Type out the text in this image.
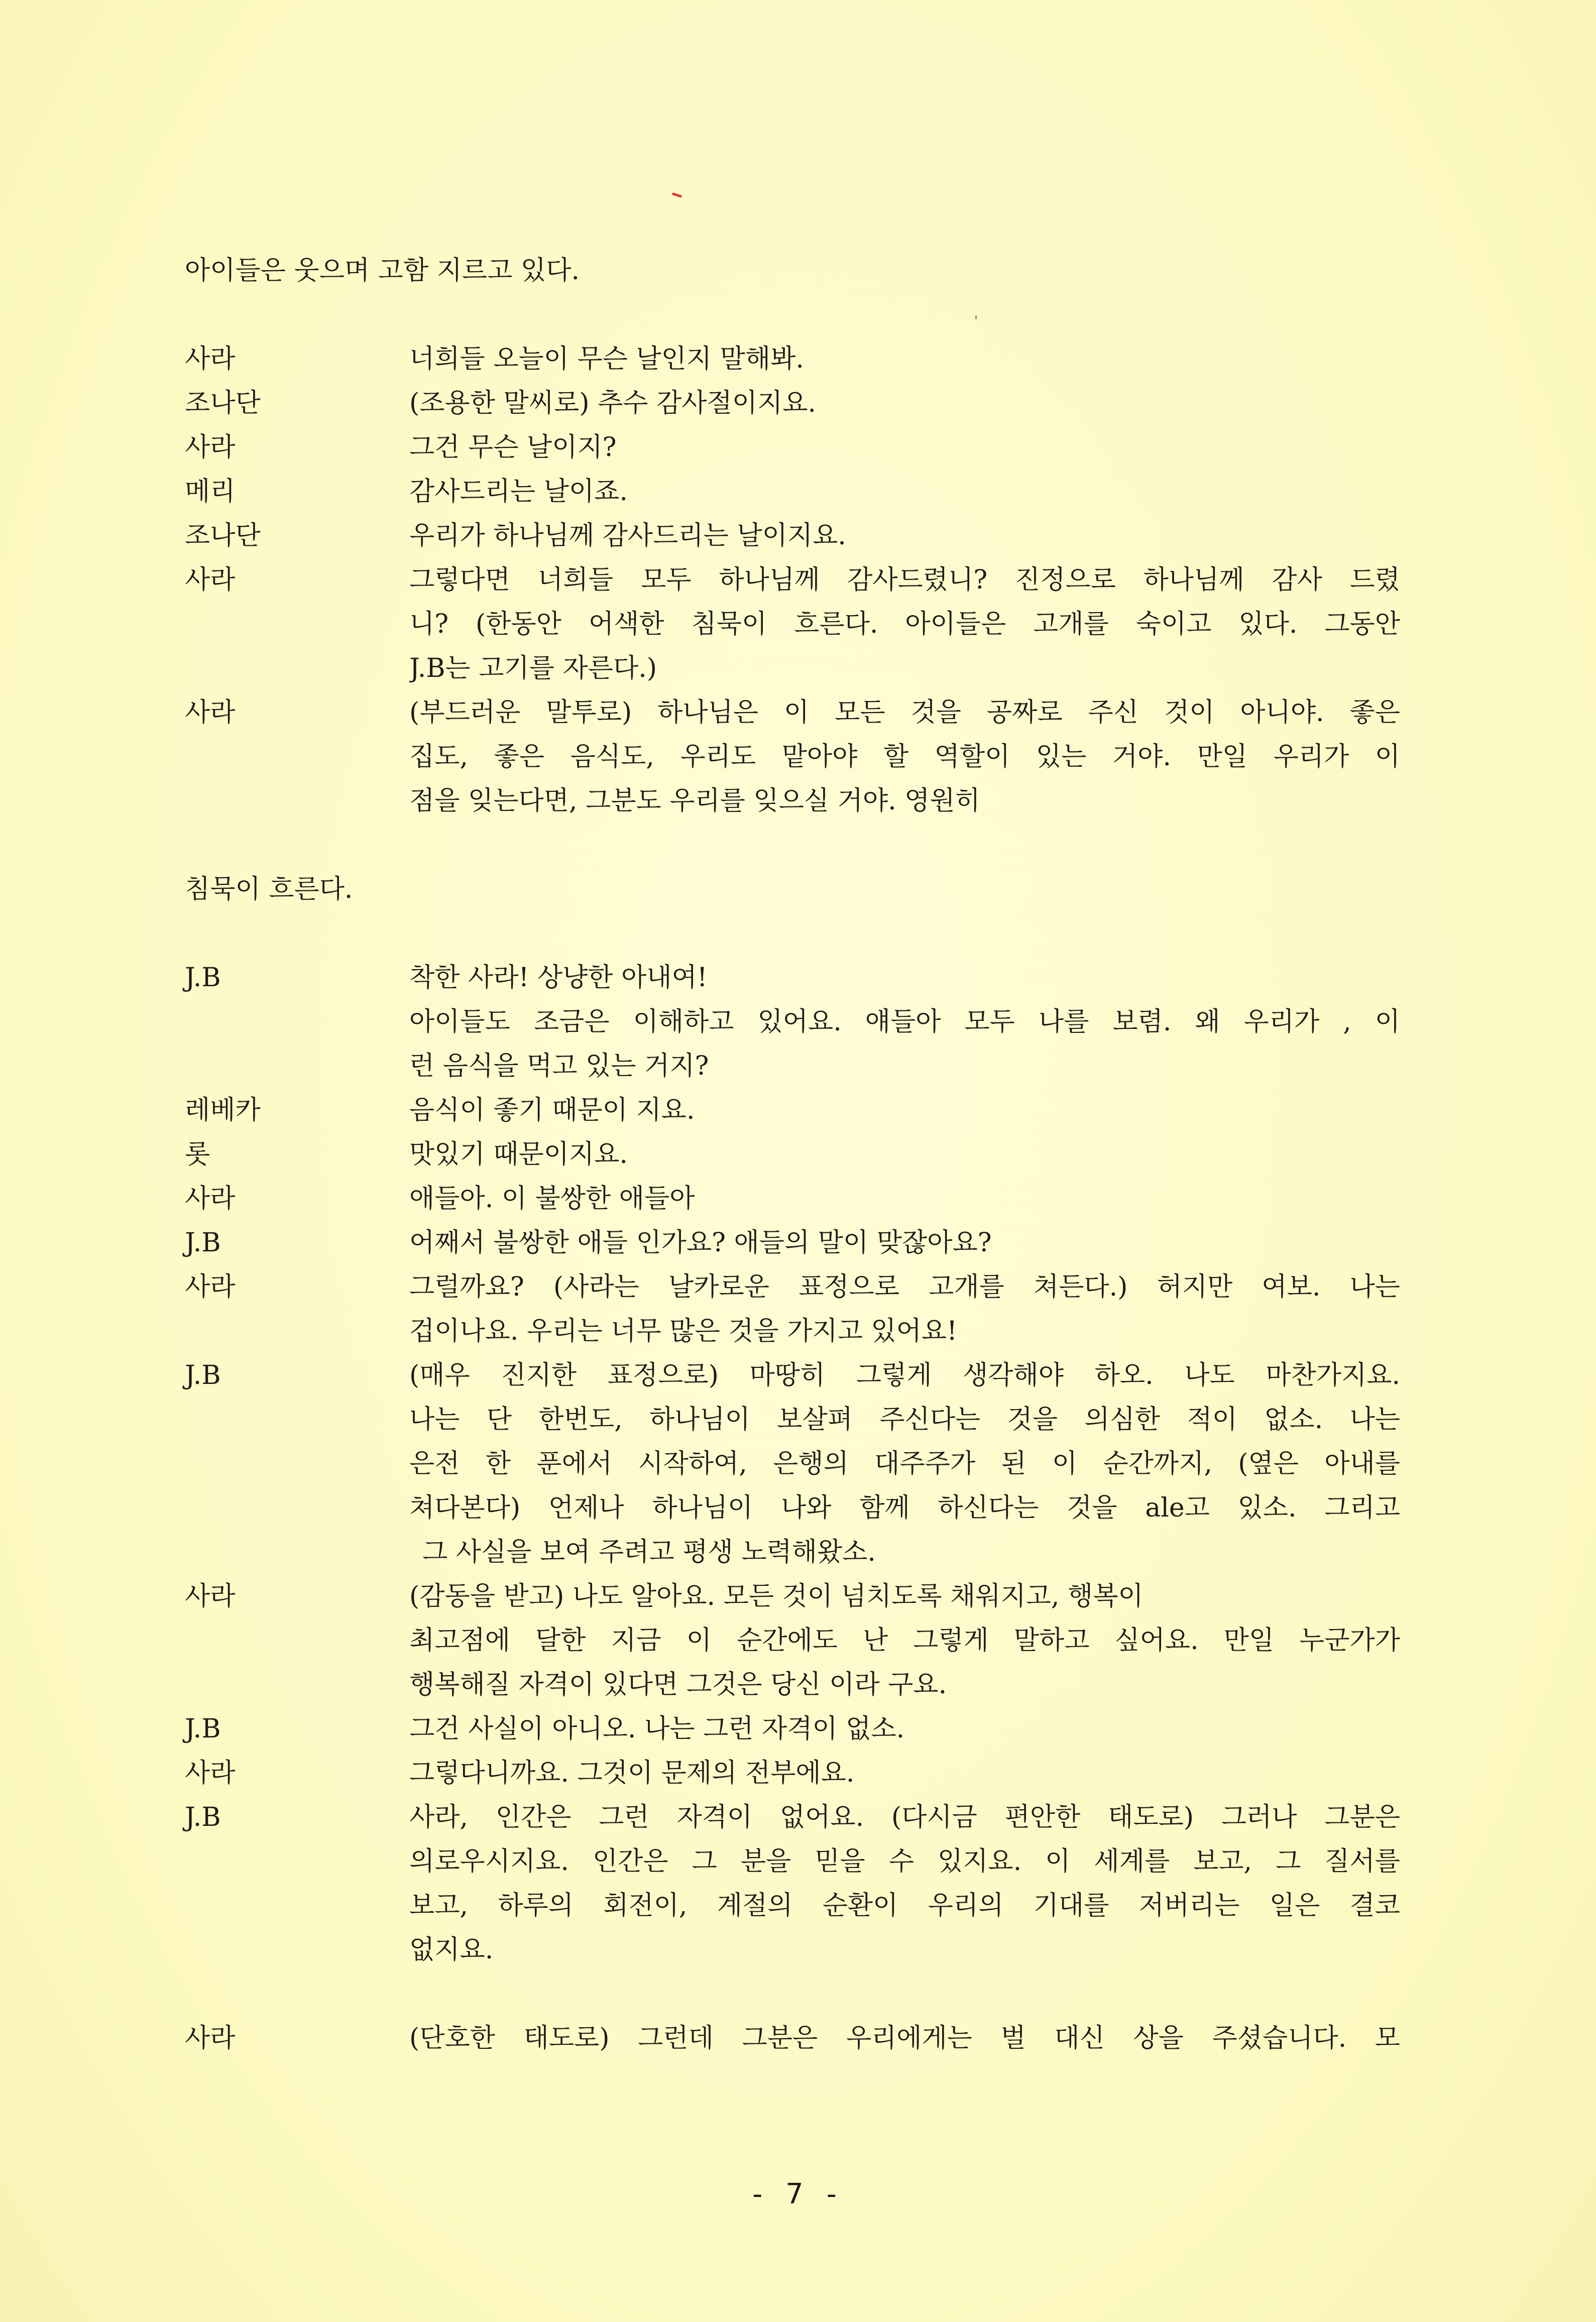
아이들은 웃으며 고함 지르고 있다.
사라	너희들 오늘이 무슨 날인지 말해봐.
조나단	(조용한 말씨로) 추수 감사절이지요.
사라	그건 무슨 날이지?
메리	감사드리는 날이죠.
조나단	우리가 하나님께 감사드리는 날이지요.
사라	그렇다면 너희들 모두 하나님께 감사드렸니? 진정으로 하나님께 감사 드렸
니? (한동안 어색한 침묵이 흐른다. 아이들은 고개를 숙이고 있다. 그동안
J.B는 고기를 자른다.)
사라	(부드러운 말투로) 하나님은 이 모든 것을 공짜로 주신 것이 아니야. 좋은
집도, 좋은 음식도, 우리도 맡아야 할 역할이 있는 거야. 만일 우리가 이
점을 잊는다면, 그분도 우리를 잊으실 거야. 영원히
침묵이 흐른다.
J.B	착한 사라! 상냥한 아내여!
아이들도 조금은 이해하고 있어요. 얘들아 모두 나를 보렴. 왜 우리가 , 이
런 음식을 먹고 있는 거지?
레베카	음식이 좋기 때문이 지요.
롯	맛있기 때문이지요.
사라	애들아. 이 불쌍한 애들아
J.B	어째서 불쌍한 애들 인가요? 애들의 말이 맞잖아요?
사라	그럴까요? (사라는 날카로운 표정으로 고개를 쳐든다.) 허지만 여보. 나는
겁이나요. 우리는 너무 많은 것을 가지고 있어요!
J.B	(매우 진지한 표정으로) 마땅히 그렇게 생각해야 하오. 나도 마찬가지요.
나는 단 한번도, 하나님이 보살펴 주신다는 것을 의심한 적이 없소. 나는
은전 한 푼에서 시작하여, 은행의 대주주가 된 이 순간까지, (옆은 아내를
쳐다본다) 언제나 하나님이 나와 함께 하신다는 것을 ale고 있소. 그리고
그 사실을 보여 주려고 평생 노력해왔소.
사라	(감동을 받고) 나도 알아요. 모든 것이 넘치도록 채워지고, 행복이
최고점에 달한 지금 이 순간에도 난 그렇게 말하고 싶어요. 만일 누군가가
행복해질 자격이 있다면 그것은 당신 이라 구요.
J.B	그건 사실이 아니오. 나는 그런 자격이 없소.
사라	그렇다니까요. 그것이 문제의 전부에요.
J.B	사라, 인간은 그런 자격이 없어요. (다시금 편안한 태도로) 그러나 그분은
의로우시지요. 인간은 그 분을 믿을 수 있지요. 이 세계를 보고, 그 질서를
보고, 하루의 회전이, 계절의 순환이 우리의 기대를 저버리는 일은 결코
없지요.
사라	(단호한 태도로) 그런데 그분은 우리에게는 벌 대신 상을 주셨습니다. 모
- 7 -
